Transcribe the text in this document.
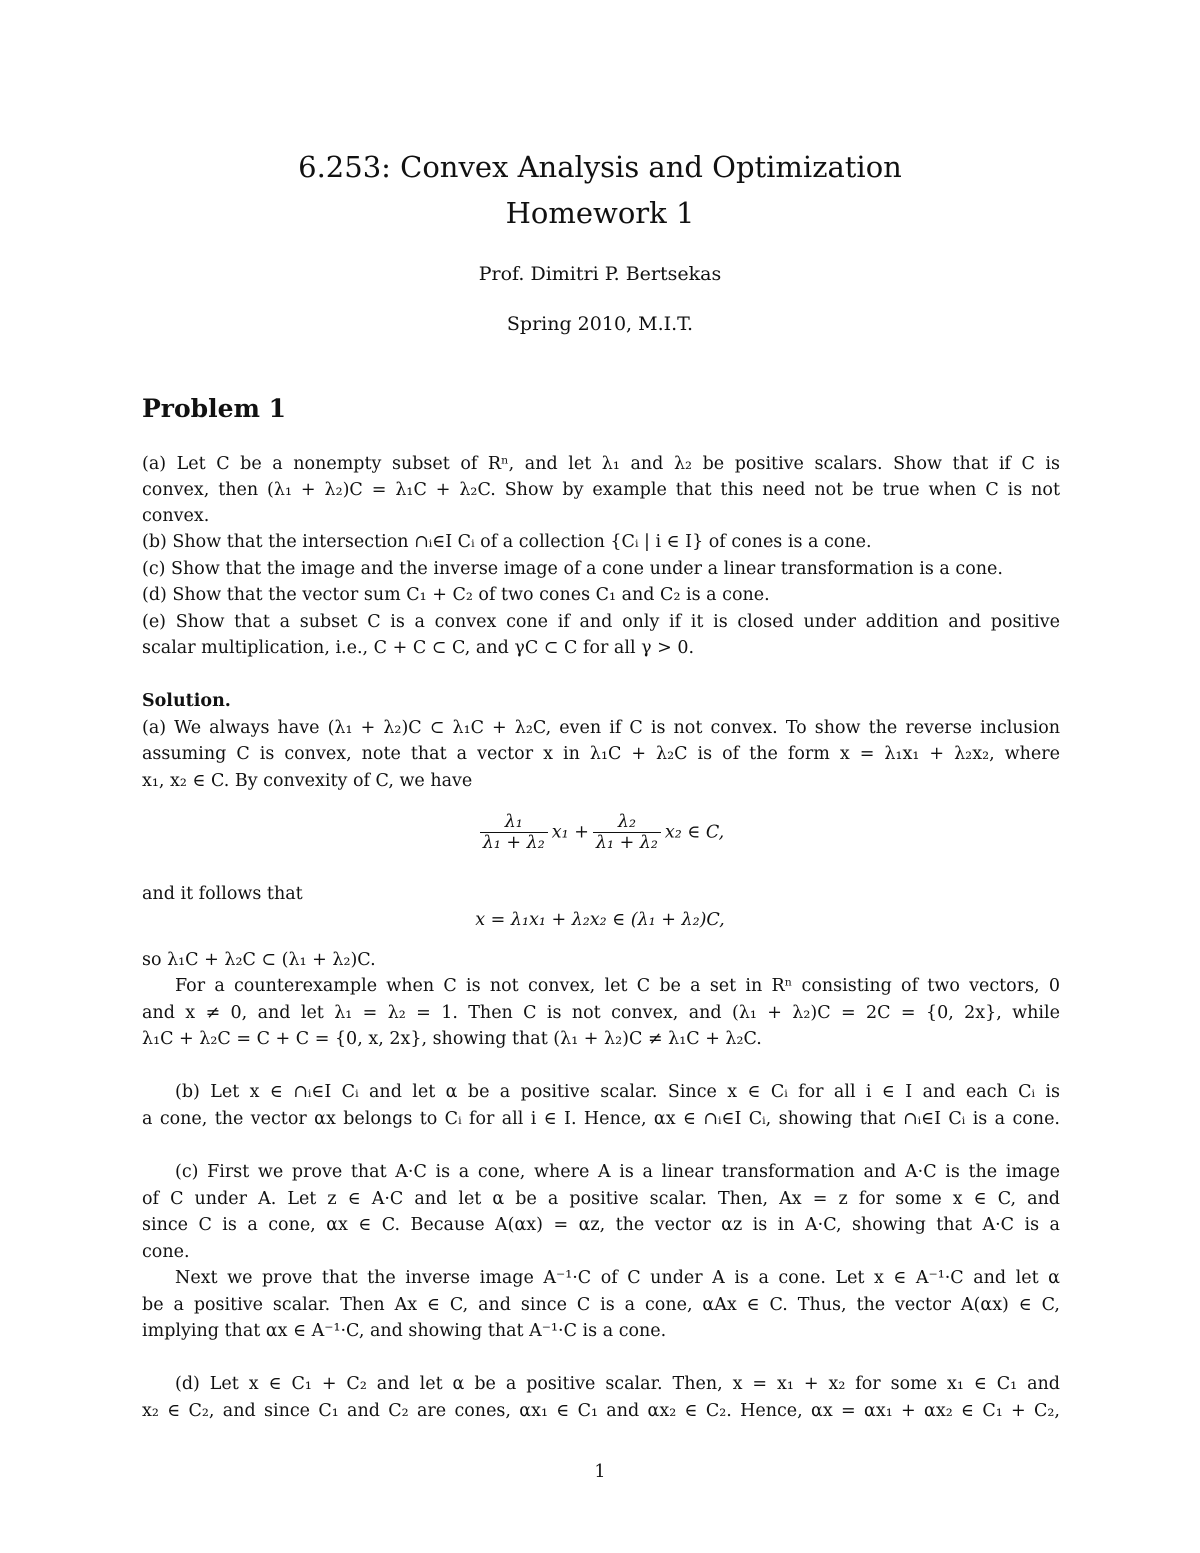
6.253: Convex Analysis and Optimization
Homework 1
Prof. Dimitri P. Bertsekas
Spring 2010, M.I.T.
Problem 1
(a) Let C be a nonempty subset of Rⁿ, and let λ₁ and λ₂ be positive scalars. Show that if C is
convex, then (λ₁ + λ₂)C = λ₁C + λ₂C. Show by example that this need not be true when C is not
convex.
(b) Show that the intersection ∩ᵢ∈I Cᵢ of a collection {Cᵢ | i ∈ I} of cones is a cone.
(c) Show that the image and the inverse image of a cone under a linear transformation is a cone.
(d) Show that the vector sum C₁ + C₂ of two cones C₁ and C₂ is a cone.
(e) Show that a subset C is a convex cone if and only if it is closed under addition and positive
scalar multiplication, i.e., C + C ⊂ C, and γC ⊂ C for all γ > 0.
Solution.
(a) We always have (λ₁ + λ₂)C ⊂ λ₁C + λ₂C, even if C is not convex. To show the reverse inclusion
assuming C is convex, note that a vector x in λ₁C + λ₂C is of the form x = λ₁x₁ + λ₂x₂, where
x₁, x₂ ∈ C. By convexity of C, we have
$\frac{\text{λ₁}}{\text{λ₁ + λ₂}} x_1 + \frac{\text{λ₂}}{\text{λ₁ + λ₂}} x_2$ ∈ C,
and it follows that
x = λ₁x₁ + λ₂x₂ ∈ (λ₁ + λ₂)C,
so λ₁C + λ₂C ⊂ (λ₁ + λ₂)C.
For a counterexample when C is not convex, let C be a set in Rⁿ consisting of two vectors, 0
and x ≠ 0, and let λ₁ = λ₂ = 1. Then C is not convex, and (λ₁ + λ₂)C = 2C = {0, 2x}, while
λ₁C + λ₂C = C + C = {0, x, 2x}, showing that (λ₁ + λ₂)C ≠ λ₁C + λ₂C.
(b) Let x ∈ ∩ᵢ∈I Cᵢ and let α be a positive scalar. Since x ∈ Cᵢ for all i ∈ I and each Cᵢ is
a cone, the vector αx belongs to Cᵢ for all i ∈ I. Hence, αx ∈ ∩ᵢ∈I Cᵢ, showing that ∩ᵢ∈I Cᵢ is a cone.
(c) First we prove that A·C is a cone, where A is a linear transformation and A·C is the image
of C under A. Let z ∈ A·C and let α be a positive scalar. Then, Ax = z for some x ∈ C, and
since C is a cone, αx ∈ C. Because A(αx) = αz, the vector αz is in A·C, showing that A·C is a
cone.
Next we prove that the inverse image A⁻¹·C of C under A is a cone. Let x ∈ A⁻¹·C and let α
be a positive scalar. Then Ax ∈ C, and since C is a cone, αAx ∈ C. Thus, the vector A(αx) ∈ C,
implying that αx ∈ A⁻¹·C, and showing that A⁻¹·C is a cone.
(d) Let x ∈ C₁ + C₂ and let α be a positive scalar. Then, x = x₁ + x₂ for some x₁ ∈ C₁ and
x₂ ∈ C₂, and since C₁ and C₂ are cones, αx₁ ∈ C₁ and αx₂ ∈ C₂. Hence, αx = αx₁ + αx₂ ∈ C₁ + C₂,
1
